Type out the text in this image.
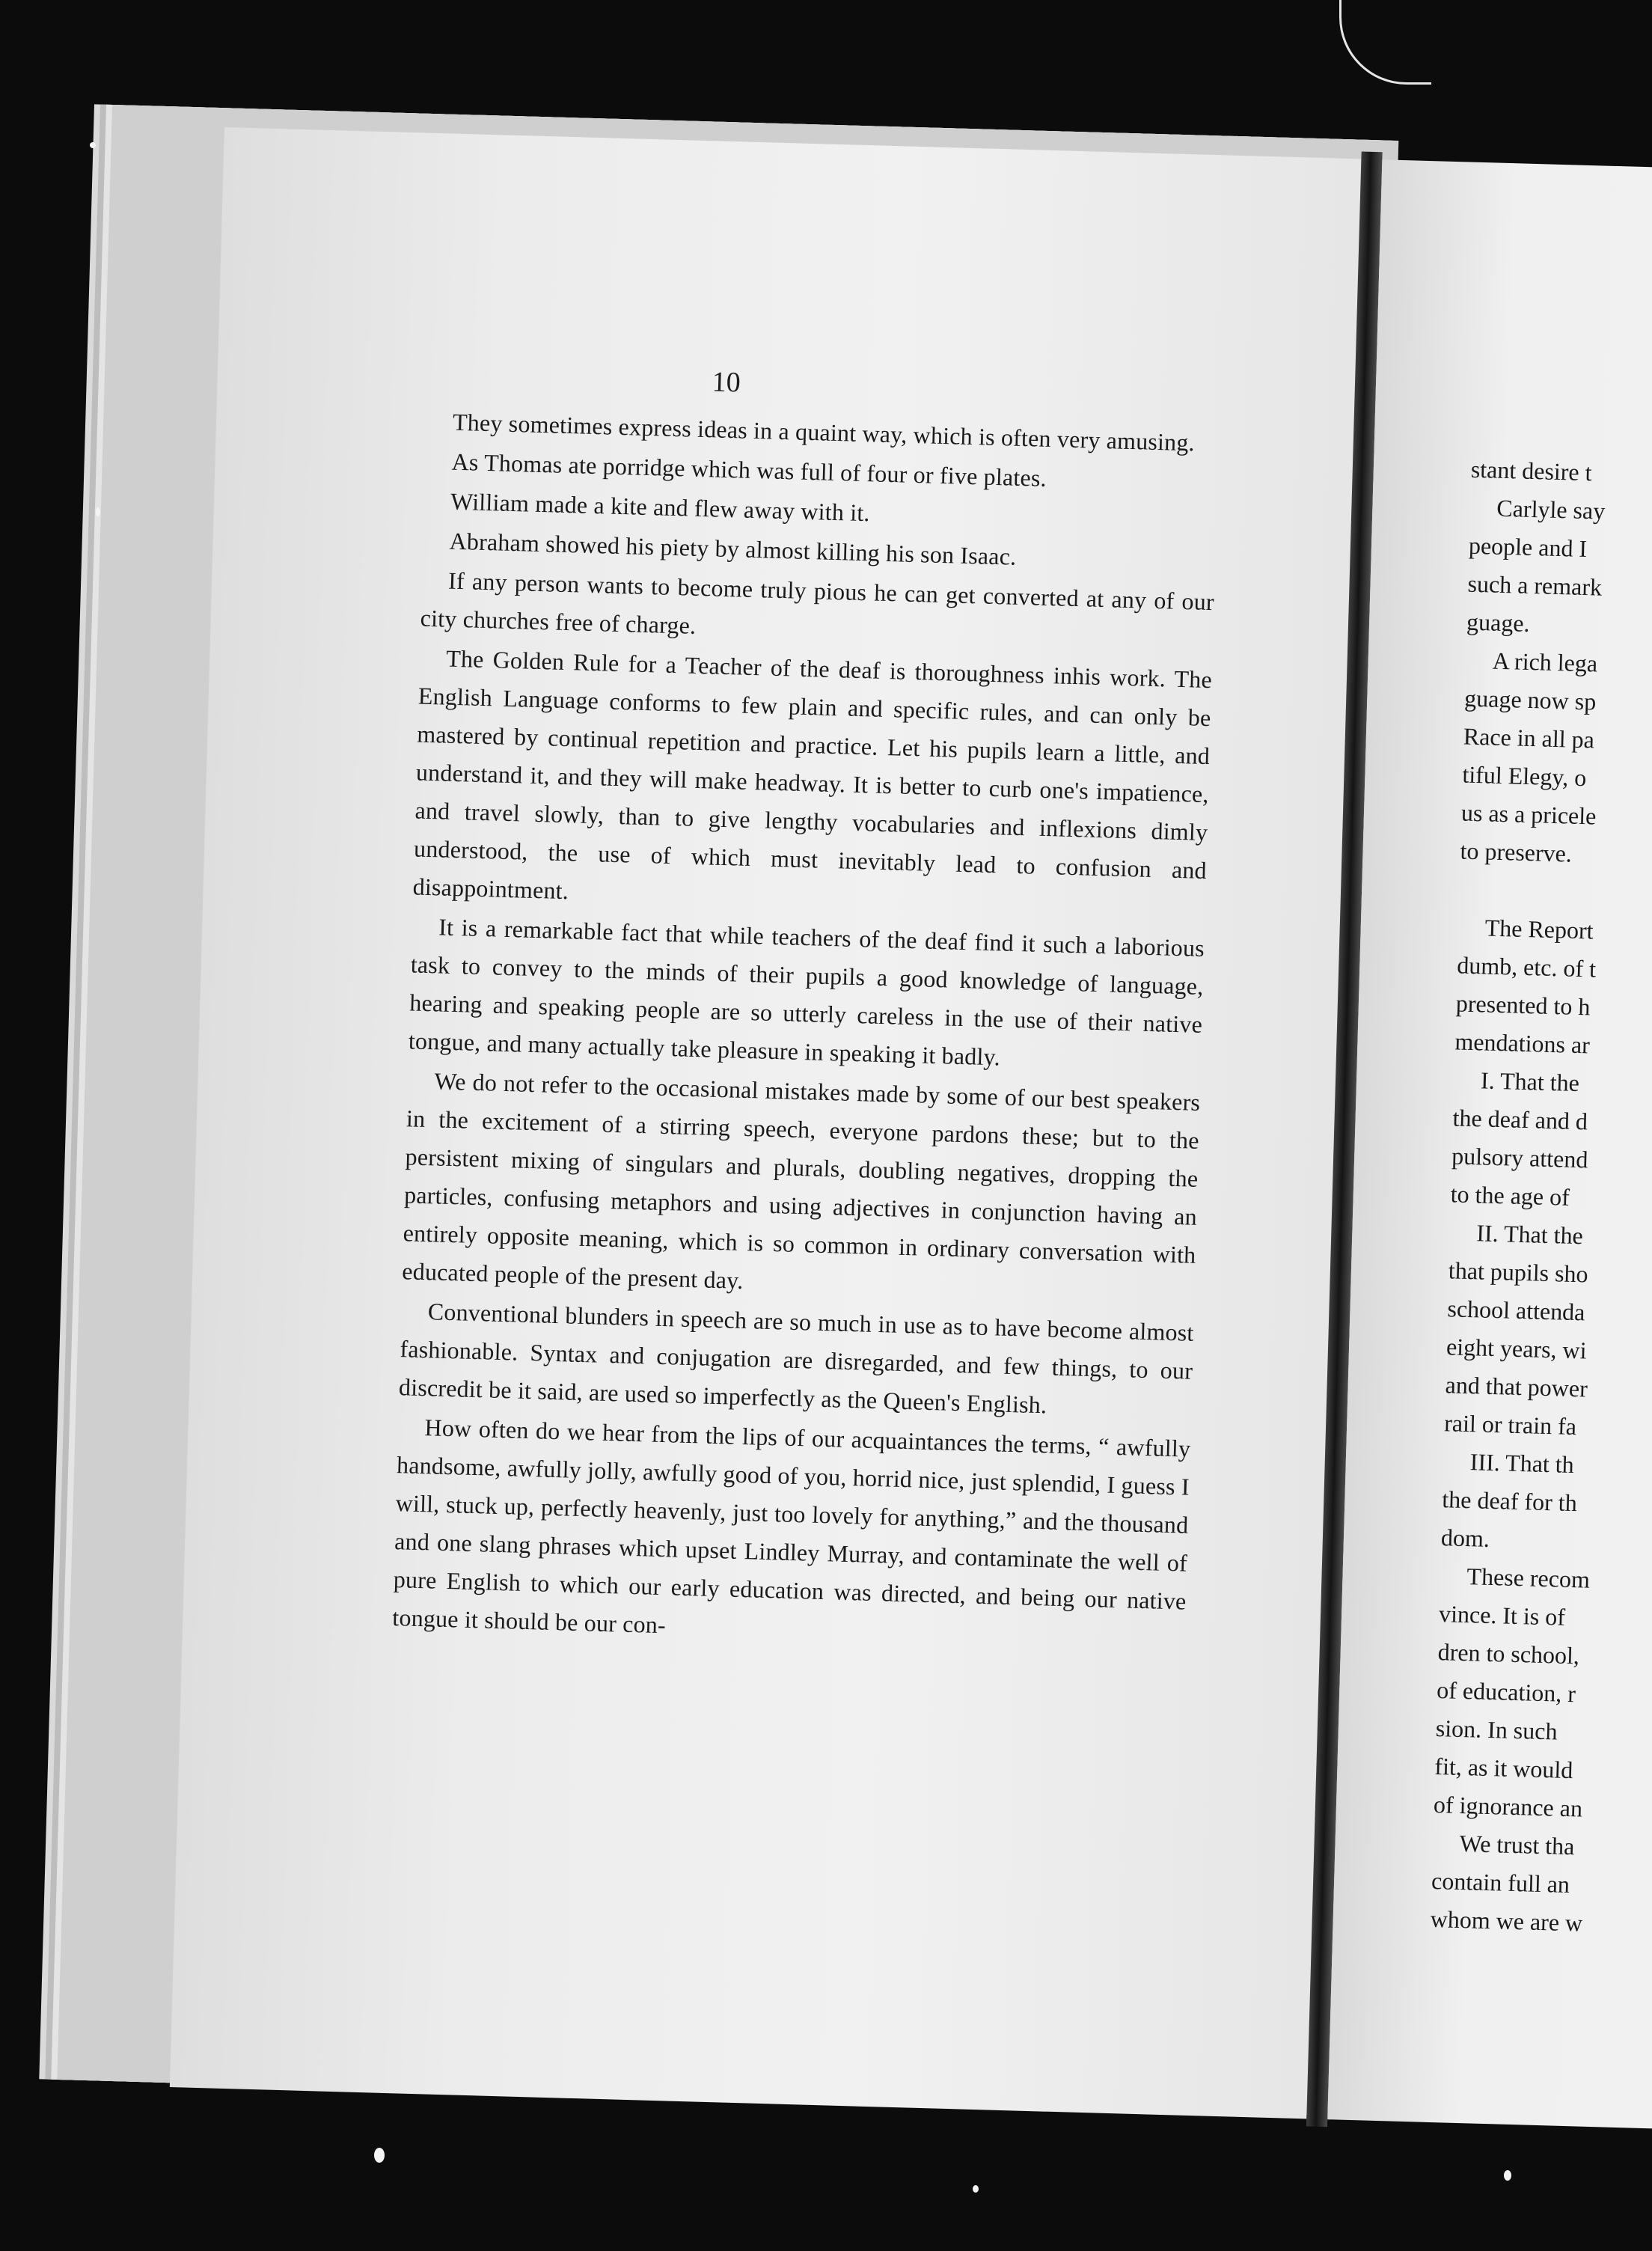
10

They sometimes express ideas in a quaint way, which is often very amusing.

As Thomas ate porridge which was full of four or five plates.

William made a kite and flew away with it.

Abraham showed his piety by almost killing his son Isaac.

If any person wants to become truly pious he can get converted at any of our city churches free of charge.

The Golden Rule for a Teacher of the deaf is thoroughness inhis work. The English Language conforms to few plain and specific rules, and can only be mastered by continual repetition and practice. Let his pupils learn a little, and understand it, and they will make headway. It is better to curb one's impatience, and travel slowly, than to give lengthy vocabularies and inflexions dimly understood, the use of which must inevitably lead to confusion and disappointment.

It is a remarkable fact that while teachers of the deaf find it such a laborious task to convey to the minds of their pupils a good knowledge of language, hearing and speaking people are so utterly careless in the use of their native tongue, and many actually take pleasure in speaking it badly.

We do not refer to the occasional mistakes made by some of our best speakers in the excitement of a stirring speech, everyone pardons these; but to the persistent mixing of singulars and plurals, doubling negatives, dropping the particles, confusing metaphors and using adjectives in conjunction having an entirely opposite meaning, which is so common in ordinary conversation with educated people of the present day.

Conventional blunders in speech are so much in use as to have become almost fashionable. Syntax and conjugation are disregarded, and few things, to our discredit be it said, are used so imperfectly as the Queen's English.

How often do we hear from the lips of our acquaintances the terms, “ awfully handsome, awfully jolly, awfully good of you, horrid nice, just splendid, I guess I will, stuck up, perfectly heavenly, just too lovely for anything,” and the thousand and one slang phrases which upset Lindley Murray, and contaminate the well of pure English to which our early education was directed, and being our native tongue it should be our con-

stant desire t
Carlyle say
people and I
such a remark
guage.
A rich lega
guage now sp
Race in all pa
tiful Elegy, o
us as a pricele
to preserve.
The Report
dumb, etc. of t
presented to h
mendations ar
I. That the
the deaf and d
pulsory attend
to the age of
II. That the
that pupils sho
school attenda
eight years, wi
and that power
rail or train fa
III. That th
the deaf for th
dom.
These recom
vince. It is of
dren to school,
of education, r
sion. In such
fit, as it would
of ignorance an
We trust tha
contain full an
whom we are w
